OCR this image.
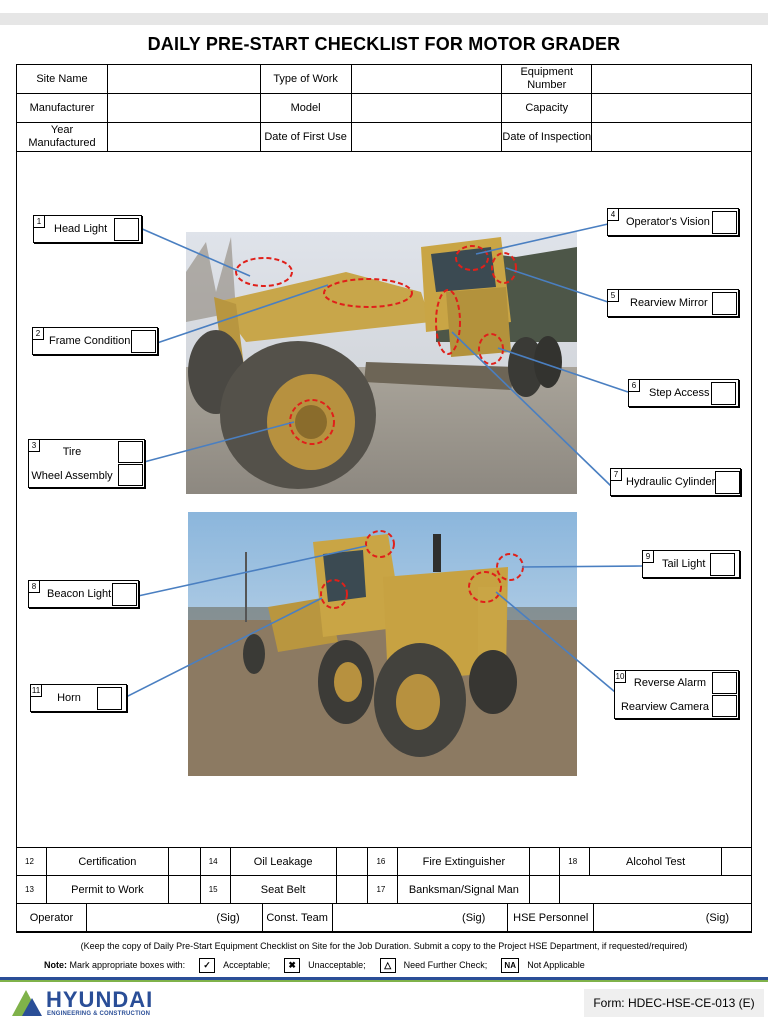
DAILY PRE-START CHECKLIST FOR MOTOR GRADER
Site Name		Type of Work		Equipment Number	
Manufacturer		Model		Capacity	
Year Manufactured		Date of First Use		Date of Inspection	
1
Head Light
2
Frame Condition
3
Tire
Wheel Assembly
4
Operator's Vision
5
Rearview Mirror
6
Step Access
7
Hydraulic Cylinder
8
Beacon Light
9
Tail Light
10
Reverse Alarm
Rearview Camera
11
Horn
12	Certification		14	Oil Leakage		16	Fire Extinguisher		18	Alcohol Test	
13	Permit to Work		15	Seat Belt		17	Banksman/Signal Man				
Operator	(Sig)	Const. Team	(Sig)	HSE Personnel	(Sig)
(Keep the copy of Daily Pre-Start Equipment Checklist on Site for the Job Duration. Submit a copy to the Project HSE Department, if requested/required)
Note:
Mark appropriate boxes with:	✓	Acceptable;	✖	Unacceptable;	△	Need Further Check;	NA	Not Applicable
HYUNDAI
ENGINEERING & CONSTRUCTION
Form: HDEC-HSE-CE-013 (E)
